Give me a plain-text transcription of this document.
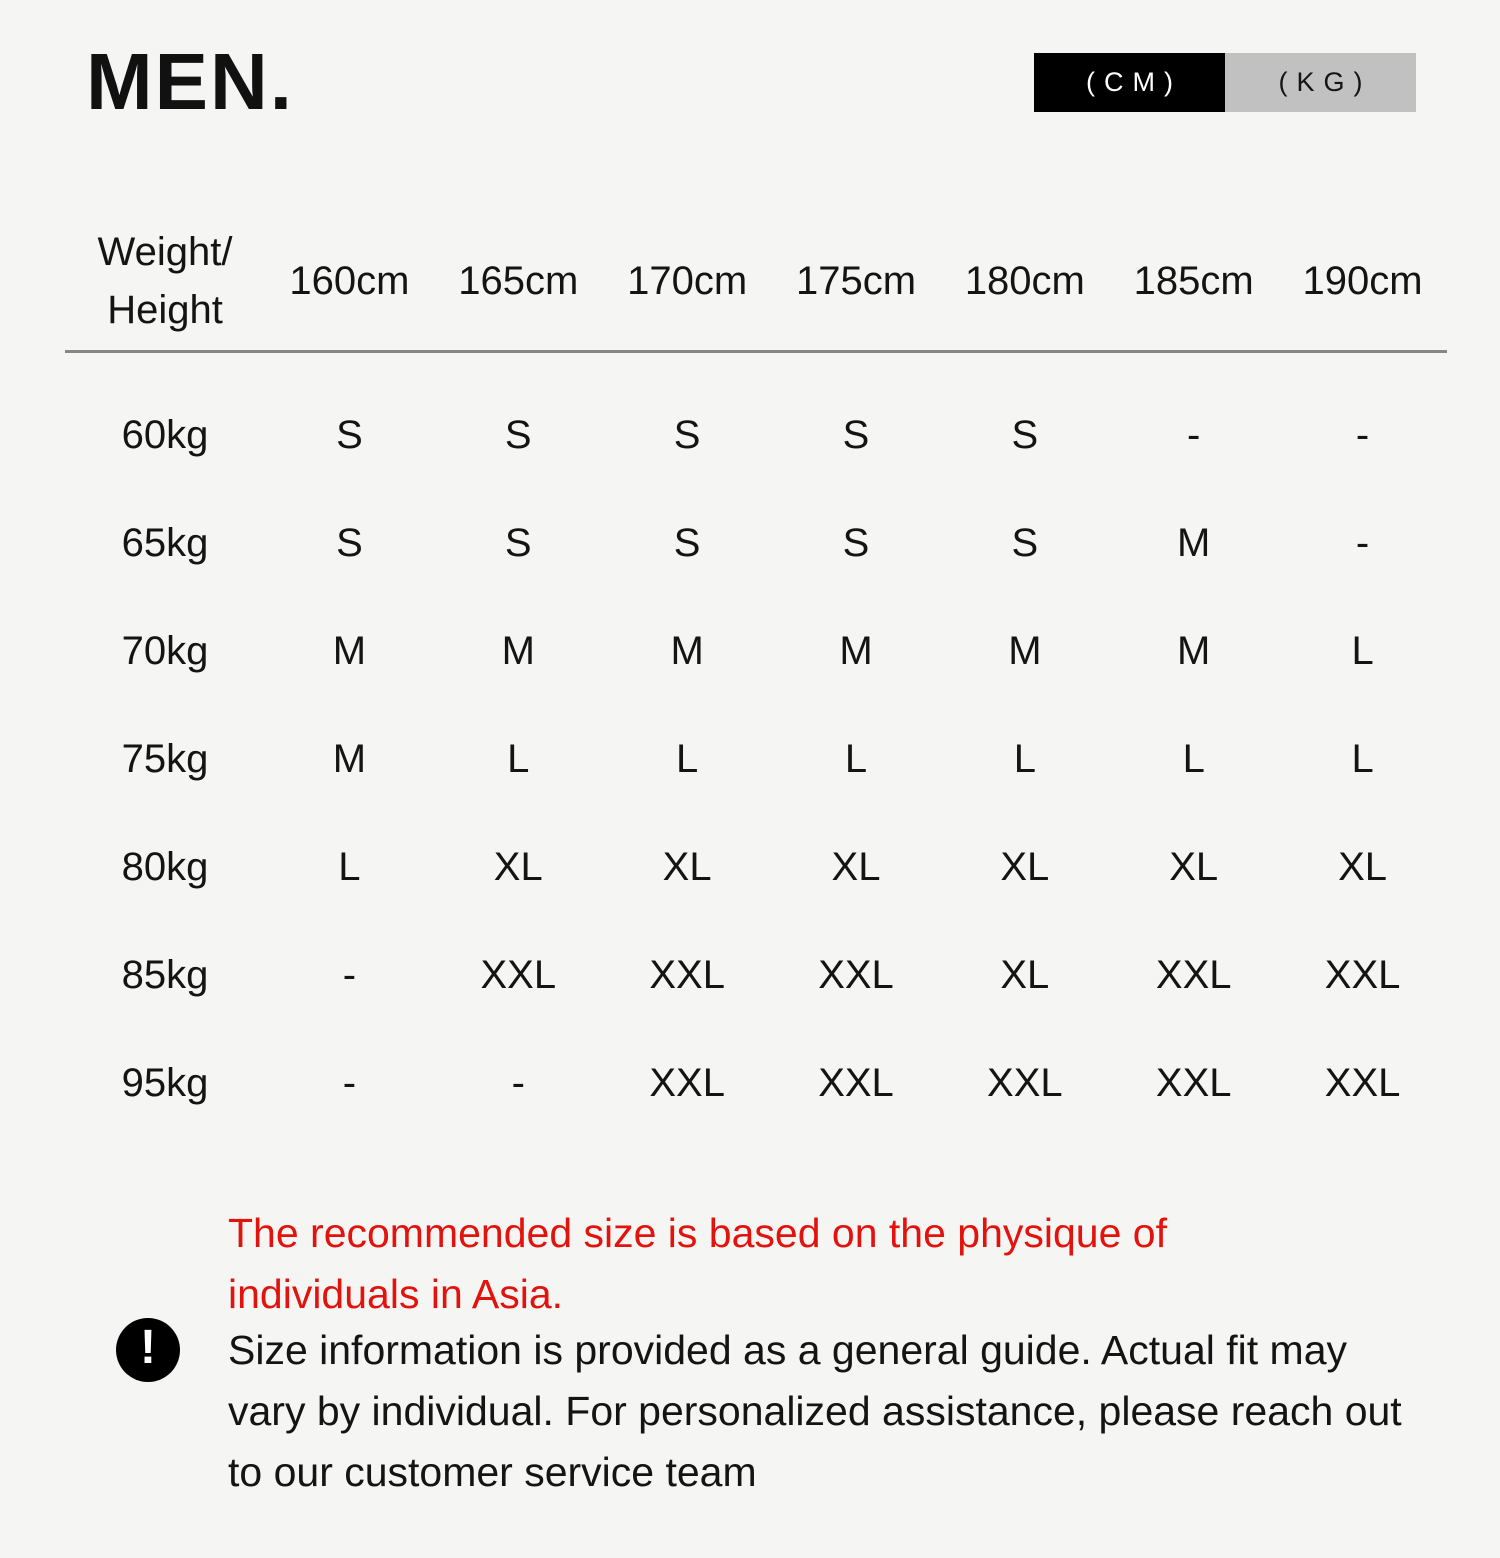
MEN.	(CM)	(KG)
Weight/
Height
160cm	165cm	170cm	175cm	180cm	185cm	190cm
60kg	S	S	S	S	S	-	-
65kg	S	S	S	S	S	M	-
70kg	M	M	M	M	M	M	L
75kg	M	L	L	L	L	L	L
80kg	L	XL	XL	XL	XL	XL	XL
85kg	-	XXL	XXL	XXL	XL	XXL	XXL
95kg	-	-	XXL	XXL	XXL	XXL	XXL
The recommended size is based on the physique of individuals in Asia.
! Size information is provided as a general guide. Actual fit may vary by individual. For personalized assistance, please reach out to our customer service team
